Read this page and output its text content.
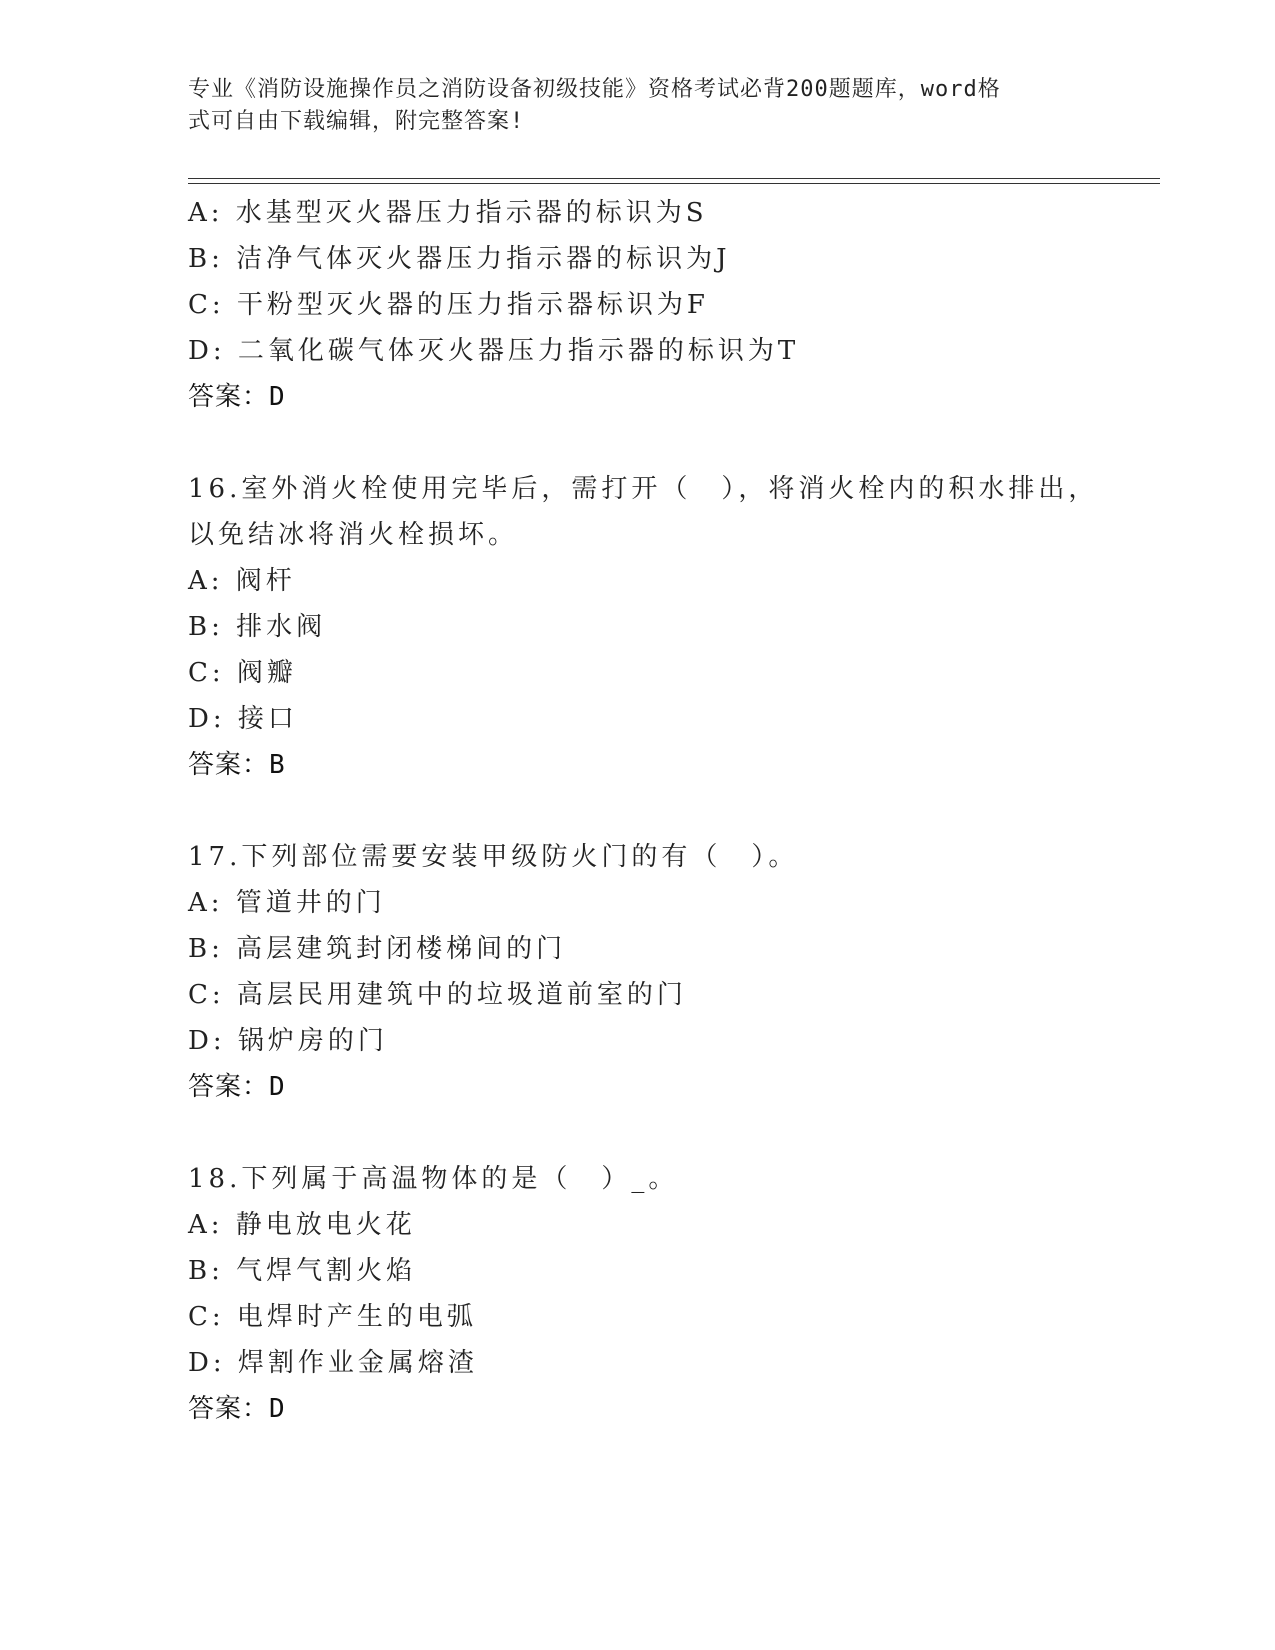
专业《消防设施操作员之消防设备初级技能》资格考试必背200题题库，word格
式可自由下载编辑，附完整答案!
A: 水基型灭火器压力指示器的标识为S
B: 洁净气体灭火器压力指示器的标识为J
C: 干粉型灭火器的压力指示器标识为F
D: 二氧化碳气体灭火器压力指示器的标识为T
答案：D
16.室外消火栓使用完毕后，需打开（　），将消火栓内的积水排出，
以免结冰将消火栓损坏。
A: 阀杆
B: 排水阀
C: 阀瓣
D: 接口
答案：B
17.下列部位需要安装甲级防火门的有（　）。
A: 管道井的门
B: 高层建筑封闭楼梯间的门
C: 高层民用建筑中的垃圾道前室的门
D: 锅炉房的门
答案：D
18.下列属于高温物体的是（　）_。
A: 静电放电火花
B: 气焊气割火焰
C: 电焊时产生的电弧
D: 焊割作业金属熔渣
答案：D
